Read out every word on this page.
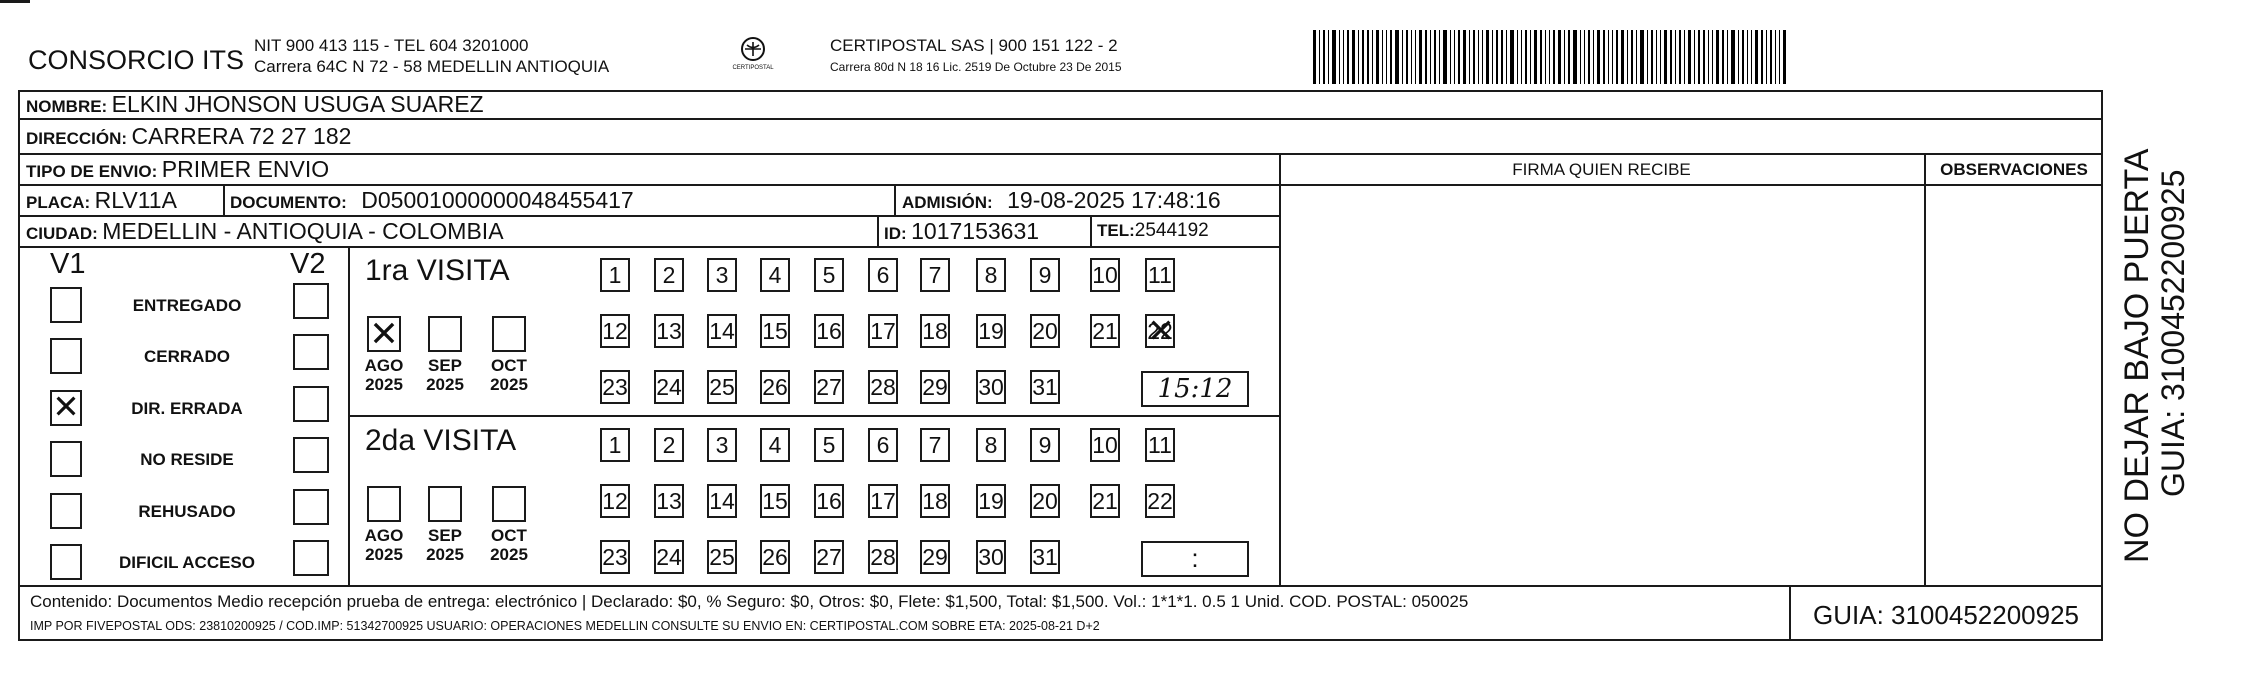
CONSORCIO ITS NIT 900 413 115 - TEL 604 3201000
Carrera 64C N 72 - 58 MEDELLIN ANTIOQUIA	CERTIPOSTAL
CERTIPOSTAL SAS | 900 151 122 - 2
Carrera 80d N 18 16 Lic. 2519 De Octubre 23 De 2015
NOMBRE: ELKIN JHONSON USUGA SUAREZ
DIRECCIÓN: CARRERA 72 27 182
TIPO DE ENVIO: PRIMER ENVIO	FIRMA QUIEN RECIBE	OBSERVACIONES
PLACA: RLV11A	DOCUMENTO: D05001000000048455417	ADMISIÓN: 19-08-2025 17:48:16
CIUDAD: MEDELLIN - ANTIOQUIA - COLOMBIA	ID: 1017153631	TEL:2544192
V1	V2
ENTREGADO
CERRADO
DIR. ERRADA
NO RESIDE
REHUSADO
DIFICIL ACCESO
1ra VISITA
AGO
2025
SEP
2025
OCT
2025
1	2	3	4	5	6	7	8	9	10 11
12 13 14 15 16 17 18 19 20 21 22
23 24 25 26 27 28 29 30 31	15:12
2da VISITA
AGO
2025
SEP
2025
OCT
2025
1	2	3	4	5	6	7	8	9	10 11
12 13 14 15 16 17 18 19 20 21 22
23 24 25 26 27 28 29 30 31	:
Contenido: Documentos Medio recepción prueba de entrega: electrónico | Declarado: $0, % Seguro: $0, Otros: $0, Flete: $1,500, Total: $1,500. Vol.: 1*1*1. 0.5 1 Unid. COD. POSTAL: 050025
IMP POR FIVEPOSTAL ODS: 23810200925 / COD.IMP: 51342700925 USUARIO: OPERACIONES MEDELLIN CONSULTE SU ENVIO EN: CERTIPOSTAL.COM SOBRE ETA: 2025-08-21 D+2	GUIA: 3100452200925
NO DEJAR BAJO PUERTA GUIA: 3100452200925
